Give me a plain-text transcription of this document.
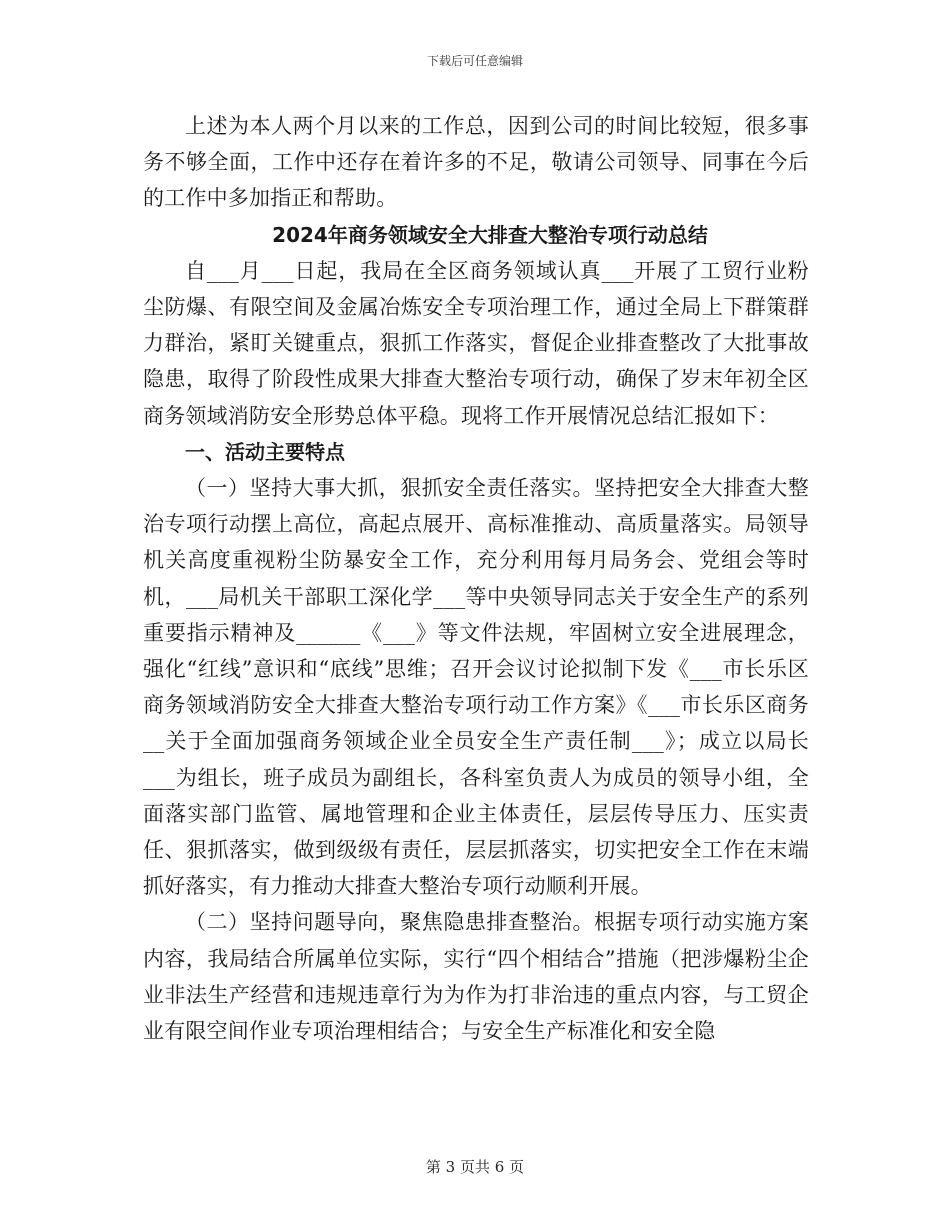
下载后可任意编辑

上述为本人两个月以来的工作总，因到公司的时间比较短，很多事务不够全面，工作中还存在着许多的不足，敬请公司领导、同事在今后的工作中多加指正和帮助。

2024年商务领域安全大排查大整治专项行动总结

自___月___日起，我局在全区商务领域认真___开展了工贸行业粉尘防爆、有限空间及金属冶炼安全专项治理工作，通过全局上下群策群力群治，紧盯关键重点，狠抓工作落实，督促企业排查整改了大批事故隐患，取得了阶段性成果大排查大整治专项行动，确保了岁末年初全区商务领域消防安全形势总体平稳。现将工作开展情况总结汇报如下：

一、活动主要特点

（一）坚持大事大抓，狠抓安全责任落实。坚持把安全大排查大整治专项行动摆上高位，高起点展开、高标准推动、高质量落实。局领导机关高度重视粉尘防暴安全工作，充分利用每月局务会、党组会等时机，___局机关干部职工深化学___等中央领导同志关于安全生产的系列重要指示精神及______《___》等文件法规，牢固树立安全进展理念，强化“红线”意识和“底线”思维；召开会议讨论拟制下发《___市长乐区商务领域消防安全大排查大整治专项行动工作方案》《___市长乐区商务__关于全面加强商务领域企业全员安全生产责任制___》；成立以局长___为组长，班子成员为副组长，各科室负责人为成员的领导小组，全面落实部门监管、属地管理和企业主体责任，层层传导压力、压实责任、狠抓落实，做到级级有责任，层层抓落实，切实把安全工作在末端抓好落实，有力推动大排查大整治专项行动顺利开展。

（二）坚持问题导向，聚焦隐患排查整治。根据专项行动实施方案内容，我局结合所属单位实际，实行“四个相结合”措施（把涉爆粉尘企业非法生产经营和违规违章行为为作为打非治违的重点内容，与工贸企业有限空间作业专项治理相结合；与安全生产标准化和安全隐

第 3 页共 6 页
